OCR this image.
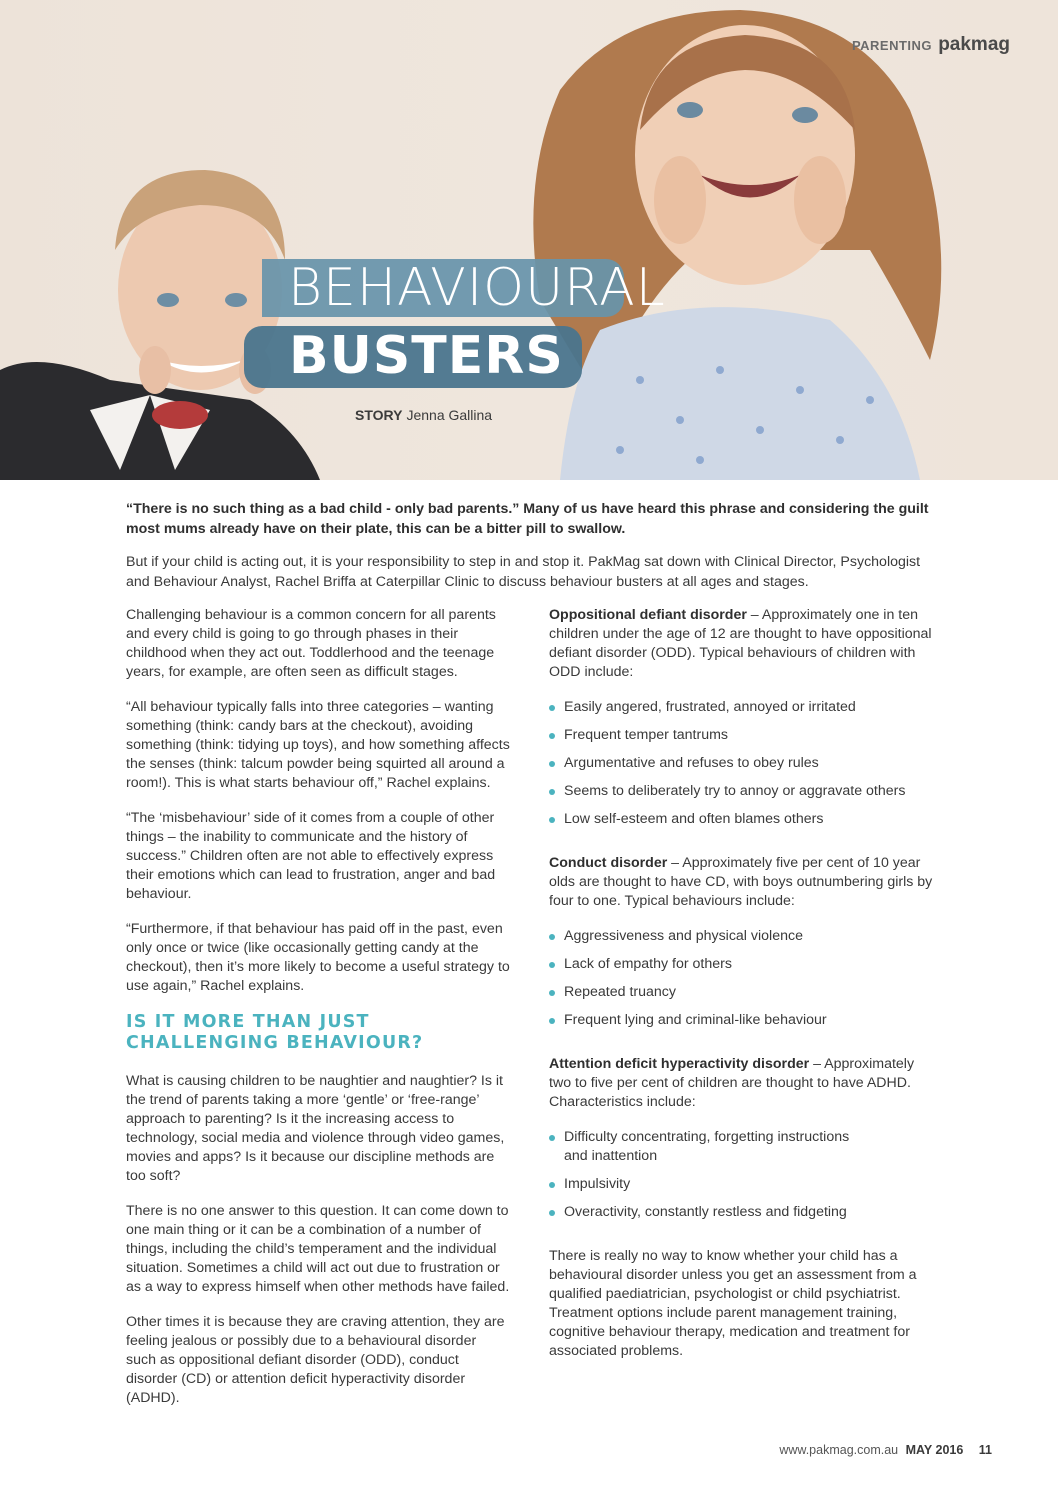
PARENTING pakmag
BEHAVIOURAL
BUSTERS
STORY Jenna Gallina

“There is no such thing as a bad child - only bad parents.” Many of us have heard this phrase and considering the guilt most mums already have on their plate, this can be a bitter pill to swallow.

But if your child is acting out, it is your responsibility to step in and stop it. PakMag sat down with Clinical Director, Psychologist and Behaviour Analyst, Rachel Briffa at Caterpillar Clinic to discuss behaviour busters at all ages and stages.

Challenging behaviour is a common concern for all parents and every child is going to go through phases in their childhood when they act out. Toddlerhood and the teenage years, for example, are often seen as difficult stages.

“All behaviour typically falls into three categories – wanting something (think: candy bars at the checkout), avoiding something (think: tidying up toys), and how something affects the senses (think: talcum powder being squirted all around a room!). This is what starts behaviour off,” Rachel explains.

“The ‘misbehaviour’ side of it comes from a couple of other things – the inability to communicate and the history of success.” Children often are not able to effectively express their emotions which can lead to frustration, anger and bad behaviour.

“Furthermore, if that behaviour has paid off in the past, even only once or twice (like occasionally getting candy at the checkout), then it’s more likely to become a useful strategy to use again,” Rachel explains.

IS IT MORE THAN JUST CHALLENGING BEHAVIOUR?

What is causing children to be naughtier and naughtier? Is it the trend of parents taking a more ‘gentle’ or ‘free-range’ approach to parenting? Is it the increasing access to technology, social media and violence through video games, movies and apps? Is it because our discipline methods are too soft?

There is no one answer to this question. It can come down to one main thing or it can be a combination of a number of things, including the child’s temperament and the individual situation. Sometimes a child will act out due to frustration or as a way to express himself when other methods have failed.

Other times it is because they are craving attention, they are feeling jealous or possibly due to a behavioural disorder such as oppositional defiant disorder (ODD), conduct disorder (CD) or attention deficit hyperactivity disorder (ADHD).

Oppositional defiant disorder – Approximately one in ten children under the age of 12 are thought to have oppositional defiant disorder (ODD). Typical behaviours of children with ODD include:

Easily angered, frustrated, annoyed or irritated
Frequent temper tantrums
Argumentative and refuses to obey rules
Seems to deliberately try to annoy or aggravate others
Low self-esteem and often blames others

Conduct disorder – Approximately five per cent of 10 year olds are thought to have CD, with boys outnumbering girls by four to one. Typical behaviours include:

Aggressiveness and physical violence
Lack of empathy for others
Repeated truancy
Frequent lying and criminal-like behaviour

Attention deficit hyperactivity disorder – Approximately two to five per cent of children are thought to have ADHD. Characteristics include:

Difficulty concentrating, forgetting instructions and inattention
Impulsivity
Overactivity, constantly restless and fidgeting

There is really no way to know whether your child has a behavioural disorder unless you get an assessment from a qualified paediatrician, psychologist or child psychiatrist. Treatment options include parent management training, cognitive behaviour therapy, medication and treatment for associated problems.

www.pakmag.com.au MAY 2016 11
